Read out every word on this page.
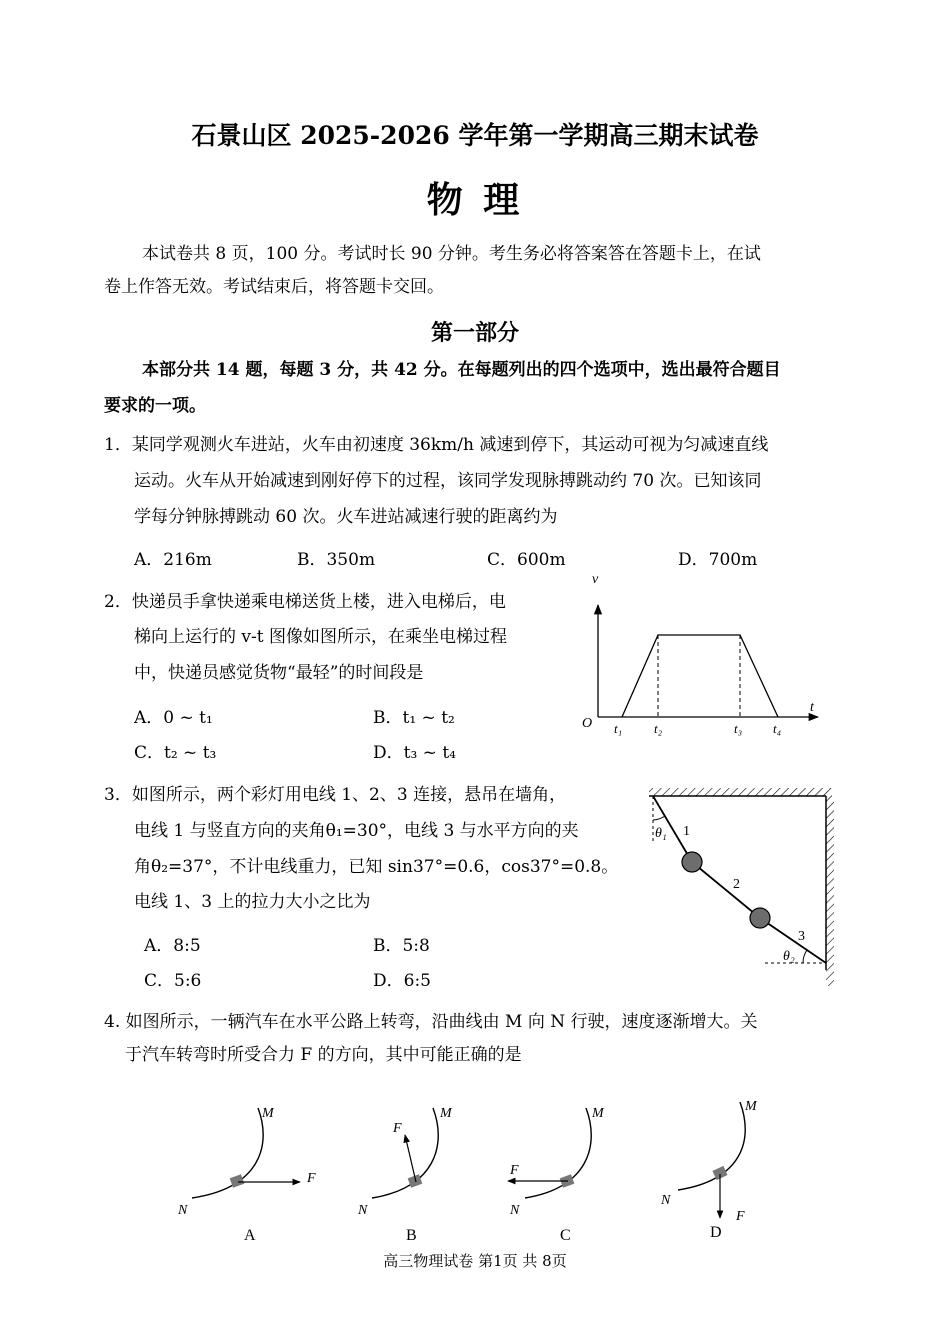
石景山区 2025-2026 学年第一学期高三期末试卷
物 理
本试卷共 8 页，100 分。考试时长 90 分钟。考生务必将答案答在答题卡上，在试
卷上作答无效。考试结束后，将答题卡交回。
第一部分
本部分共 14 题，每题 3 分，共 42 分。在每题列出的四个选项中，选出最符合题目
要求的一项。
1．某同学观测火车进站，火车由初速度 36km/h 减速到停下，其运动可视为匀减速直线
运动。火车从开始减速到刚好停下的过程，该同学发现脉搏跳动约 70 次。已知该同
学每分钟脉搏跳动 60 次。火车进站减速行驶的距离约为
A．216m	B．350m	C．600m	D．700m
2．快递员手拿快递乘电梯送货上楼，进入电梯后，电
梯向上运行的 v-t 图像如图所示，在乘坐电梯过程
中，快递员感觉货物“最轻”的时间段是
A．0 ~ t₁	B．t₁ ~ t₂
C．t₂ ~ t₃	D．t₃ ~ t₄
v
t
O t₁ t₂	t₃ t₄
3．如图所示，两个彩灯用电线 1、2、3 连接，悬吊在墙角，
电线 1 与竖直方向的夹角θ₁=30°，电线 3 与水平方向的夹
角θ₂=37°，不计电线重力，已知 sin37°=0.6，cos37°=0.8。
电线 1、3 上的拉力大小之比为
A．8:5	B．5:8
C．5:6	D．6:5
θ₁ 1
2
3
θ₂
4. 如图所示，一辆汽车在水平公路上转弯，沿曲线由 M 向 N 行驶，速度逐渐增大。关
于汽车转弯时所受合力 F 的方向，其中可能正确的是
M
N
F
A
M
N
F
B
M
N
F
C
M
N
F
D
高三物理试卷 第1页 共 8页
